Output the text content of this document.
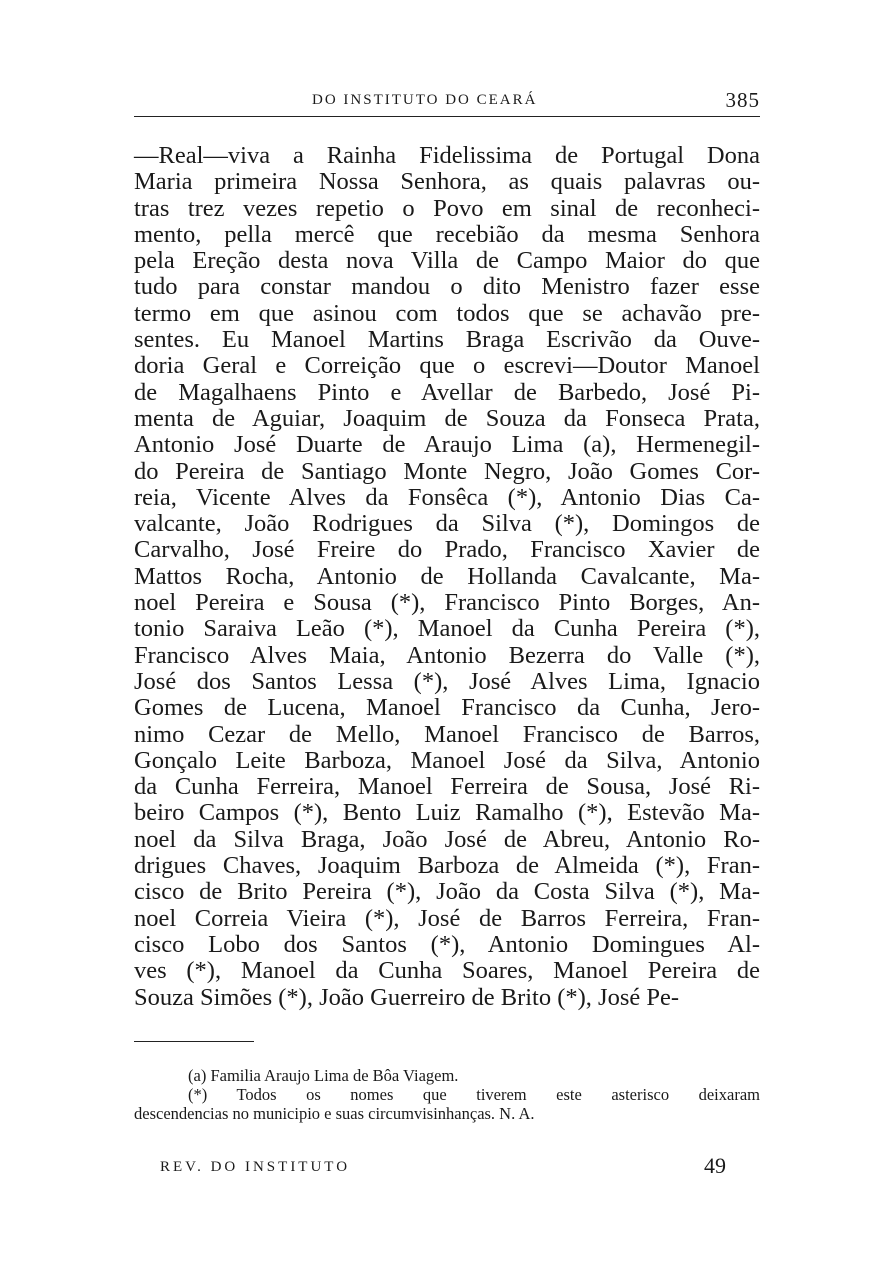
DO INSTITUTO DO CEARÁ	385
—Real—viva a Rainha Fidelissima de Portugal Dona
Maria primeira Nossa Senhora, as quais palavras ou-
tras trez vezes repetio o Povo em sinal de reconheci-
mento, pella mercê que recebião da mesma Senhora
pela Ereção desta nova Villa de Campo Maior do que
tudo para constar mandou o dito Menistro fazer esse
termo em que asinou com todos que se achavão pre-
sentes. Eu Manoel Martins Braga Escrivão da Ouve-
doria Geral e Correição que o escrevi—Doutor Manoel
de Magalhaens Pinto e Avellar de Barbedo, José Pi-
menta de Aguiar, Joaquim de Souza da Fonseca Prata,
Antonio José Duarte de Araujo Lima (a), Hermenegil-
do Pereira de Santiago Monte Negro, João Gomes Cor-
reia, Vicente Alves da Fonsêca (*), Antonio Dias Ca-
valcante, João Rodrigues da Silva (*), Domingos de
Carvalho, José Freire do Prado, Francisco Xavier de
Mattos Rocha, Antonio de Hollanda Cavalcante, Ma-
noel Pereira e Sousa (*), Francisco Pinto Borges, An-
tonio Saraiva Leão (*), Manoel da Cunha Pereira (*),
Francisco Alves Maia, Antonio Bezerra do Valle (*),
José dos Santos Lessa (*), José Alves Lima, Ignacio
Gomes de Lucena, Manoel Francisco da Cunha, Jero-
nimo Cezar de Mello, Manoel Francisco de Barros,
Gonçalo Leite Barboza, Manoel José da Silva, Antonio
da Cunha Ferreira, Manoel Ferreira de Sousa, José Ri-
beiro Campos (*), Bento Luiz Ramalho (*), Estevão Ma-
noel da Silva Braga, João José de Abreu, Antonio Ro-
drigues Chaves, Joaquim Barboza de Almeida (*), Fran-
cisco de Brito Pereira (*), João da Costa Silva (*), Ma-
noel Correia Vieira (*), José de Barros Ferreira, Fran-
cisco Lobo dos Santos (*), Antonio Domingues Al-
ves (*), Manoel da Cunha Soares, Manoel Pereira de
Souza Simões (*), João Guerreiro de Brito (*), José Pe-
(a) Familia Araujo Lima de Bôa Viagem.
(*) Todos os nomes que tiverem este asterisco deixaram
descendencias no municipio e suas circumvisinhanças. N. A.
REV. DO INSTITUTO	49
